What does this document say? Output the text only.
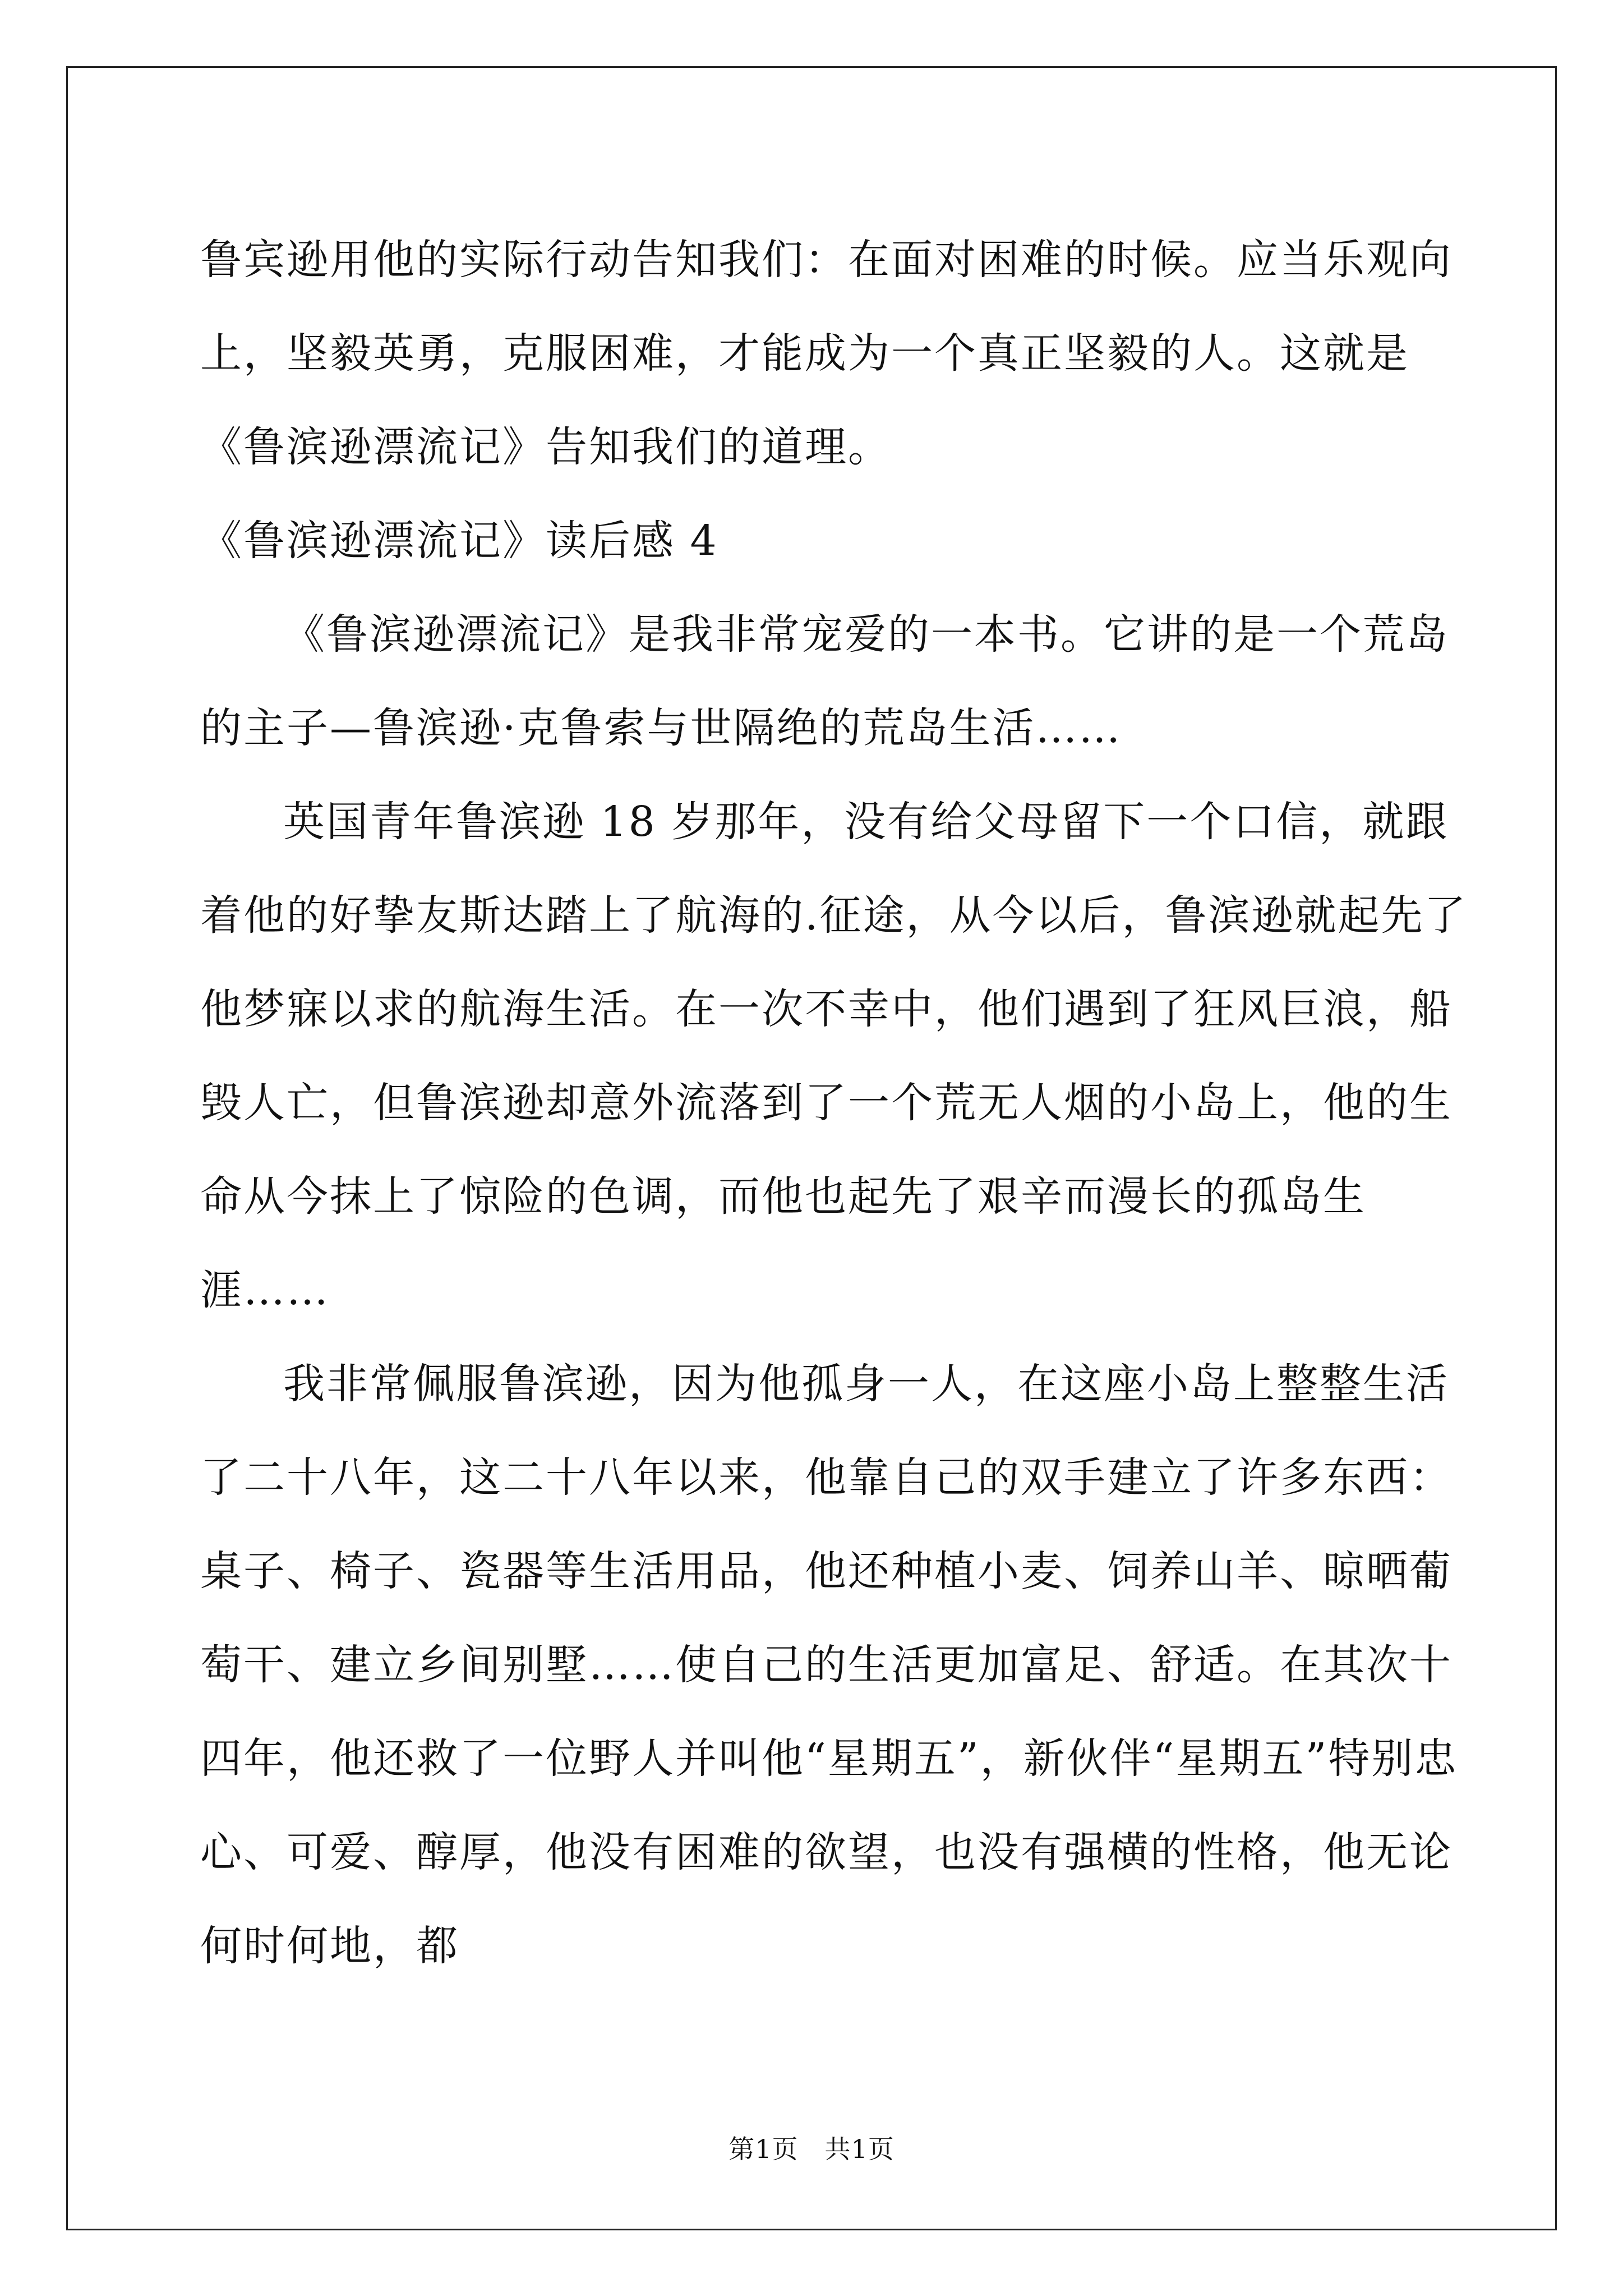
鲁宾逊用他的实际行动告知我们：在面对困难的时候。应当乐观向上，坚毅英勇，克服困难，才能成为一个真正坚毅的人。这就是《鲁滨逊漂流记》告知我们的道理。

《鲁滨逊漂流记》读后感 4

《鲁滨逊漂流记》是我非常宠爱的一本书。它讲的是一个荒岛的主子—鲁滨逊·克鲁索与世隔绝的荒岛生活……

英国青年鲁滨逊 18 岁那年，没有给父母留下一个口信，就跟着他的好挚友斯达踏上了航海的.征途，从今以后，鲁滨逊就起先了他梦寐以求的航海生活。在一次不幸中，他们遇到了狂风巨浪，船毁人亡，但鲁滨逊却意外流落到了一个荒无人烟的小岛上，他的生命从今抹上了惊险的色调，而他也起先了艰辛而漫长的孤岛生涯……

我非常佩服鲁滨逊，因为他孤身一人，在这座小岛上整整生活了二十八年，这二十八年以来，他靠自己的双手建立了许多东西：桌子、椅子、瓷器等生活用品，他还种植小麦、饲养山羊、晾晒葡萄干、建立乡间别墅……使自己的生活更加富足、舒适。在其次十四年，他还救了一位野人并叫他“星期五”，新伙伴“星期五”特别忠心、可爱、醇厚，他没有困难的欲望，也没有强横的性格，他无论何时何地，都

第1页　共1页
